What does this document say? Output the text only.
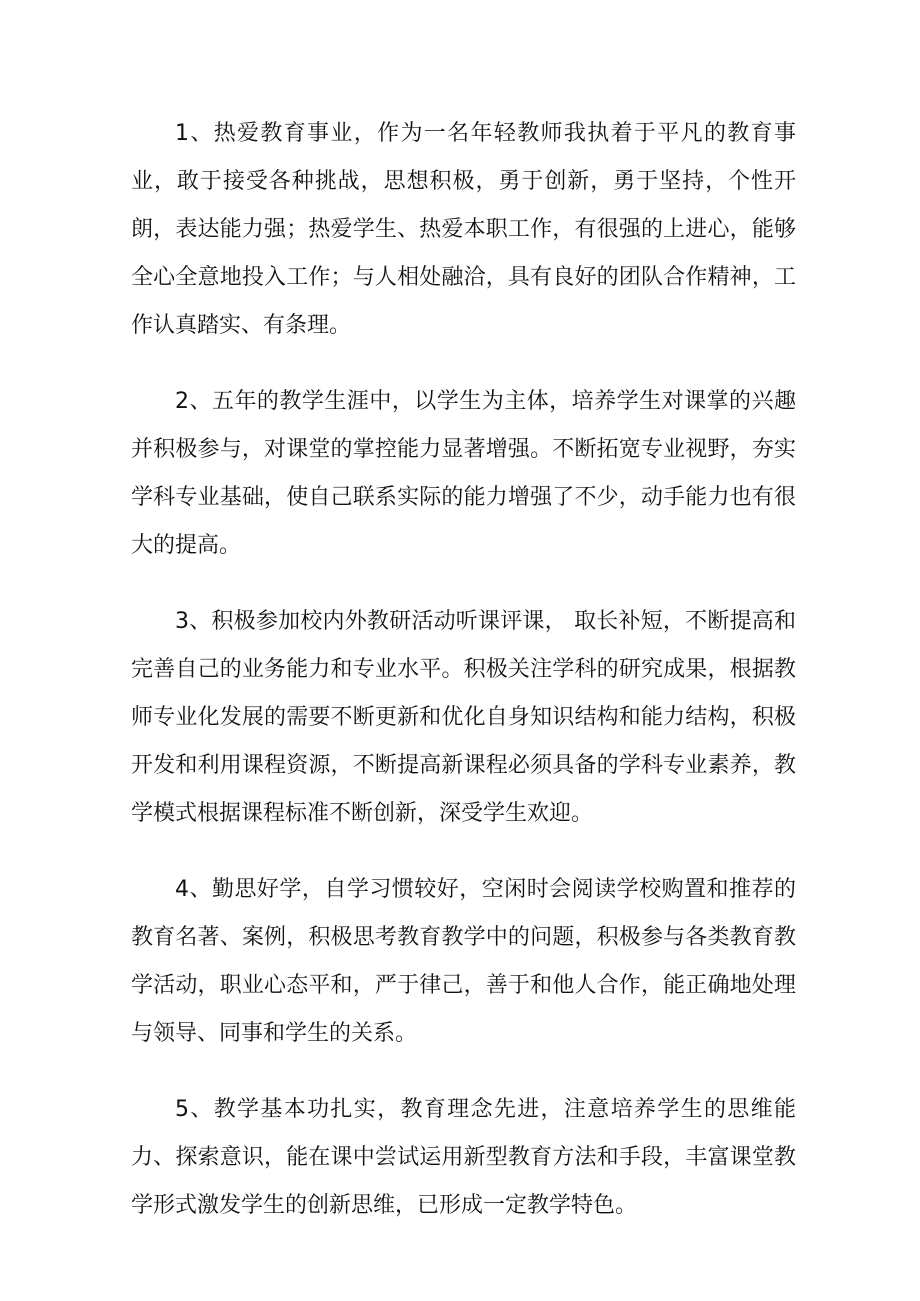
1、热爱教育事业，作为一名年轻教师我执着于平凡的教育事业，敢于接受各种挑战，思想积极，勇于创新，勇于坚持，个性开朗，表达能力强；热爱学生、热爱本职工作，有很强的上进心，能够全心全意地投入工作；与人相处融洽，具有良好的团队合作精神，工作认真踏实、有条理。

2、五年的教学生涯中，以学生为主体，培养学生对课掌的兴趣并积极参与，对课堂的掌控能力显著增强。不断拓宽专业视野，夯实学科专业基础，使自己联系实际的能力增强了不少，动手能力也有很大的提高。

3、积极参加校内外教研活动听课评课， 取长补短，不断提高和完善自己的业务能力和专业水平。积极关注学科的研究成果，根据教师专业化发展的需要不断更新和优化自身知识结构和能力结构，积极开发和利用课程资源，不断提高新课程必须具备的学科专业素养，教学模式根据课程标准不断创新，深受学生欢迎。

4、勤思好学，自学习惯较好，空闲时会阅读学校购置和推荐的教育名著、案例，积极思考教育教学中的问题，积极参与各类教育教学活动，职业心态平和，严于律己，善于和他人合作，能正确地处理与领导、同事和学生的关系。

5、教学基本功扎实，教育理念先进，注意培养学生的思维能力、探索意识，能在课中尝试运用新型教育方法和手段，丰富课堂教学形式激发学生的创新思维，已形成一定教学特色。
